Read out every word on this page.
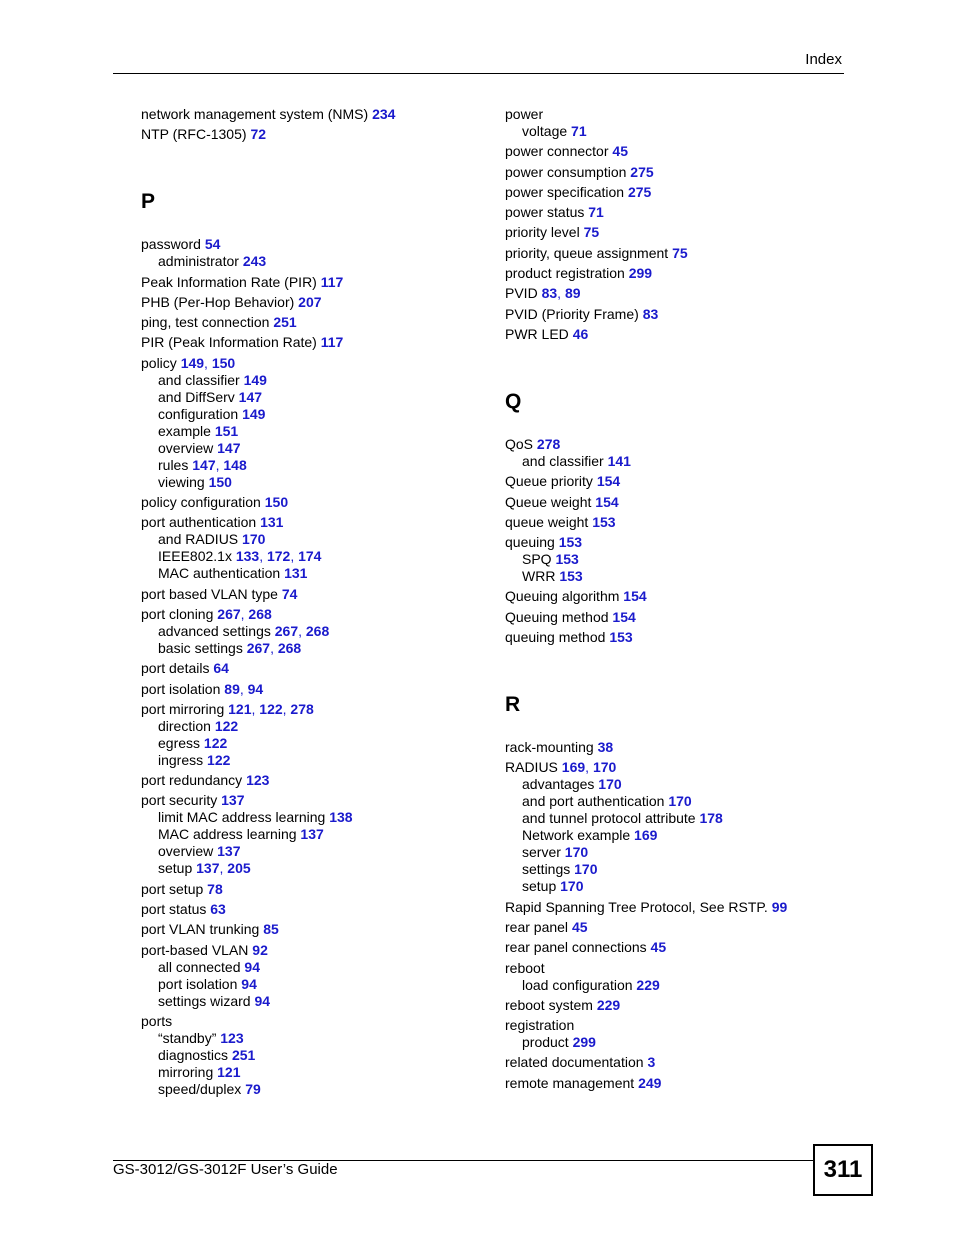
Index
network management system (NMS) 234
NTP (RFC-1305) 72
P
password 54
administrator 243
Peak Information Rate (PIR) 117
PHB (Per-Hop Behavior) 207
ping, test connection 251
PIR (Peak Information Rate) 117
policy 149, 150
and classifier 149
and DiffServ 147
configuration 149
example 151
overview 147
rules 147, 148
viewing 150
policy configuration 150
port authentication 131
and RADIUS 170
IEEE802.1x 133, 172, 174
MAC authentication 131
port based VLAN type 74
port cloning 267, 268
advanced settings 267, 268
basic settings 267, 268
port details 64
port isolation 89, 94
port mirroring 121, 122, 278
direction 122
egress 122
ingress 122
port redundancy 123
port security 137
limit MAC address learning 138
MAC address learning 137
overview 137
setup 137, 205
port setup 78
port status 63
port VLAN trunking 85
port-based VLAN 92
all connected 94
port isolation 94
settings wizard 94
ports
“standby” 123
diagnostics 251
mirroring 121
speed/duplex 79
power
voltage 71
power connector 45
power consumption 275
power specification 275
power status 71
priority level 75
priority, queue assignment 75
product registration 299
PVID 83, 89
PVID (Priority Frame) 83
PWR LED 46
Q
QoS 278
and classifier 141
Queue priority 154
Queue weight 154
queue weight 153
queuing 153
SPQ 153
WRR 153
Queuing algorithm 154
Queuing method 154
queuing method 153
R
rack-mounting 38
RADIUS 169, 170
advantages 170
and port authentication 170
and tunnel protocol attribute 178
Network example 169
server 170
settings 170
setup 170
Rapid Spanning Tree Protocol, See RSTP. 99
rear panel 45
rear panel connections 45
reboot
load configuration 229
reboot system 229
registration
product 299
related documentation 3
remote management 249
GS-3012/GS-3012F User’s Guide	311
